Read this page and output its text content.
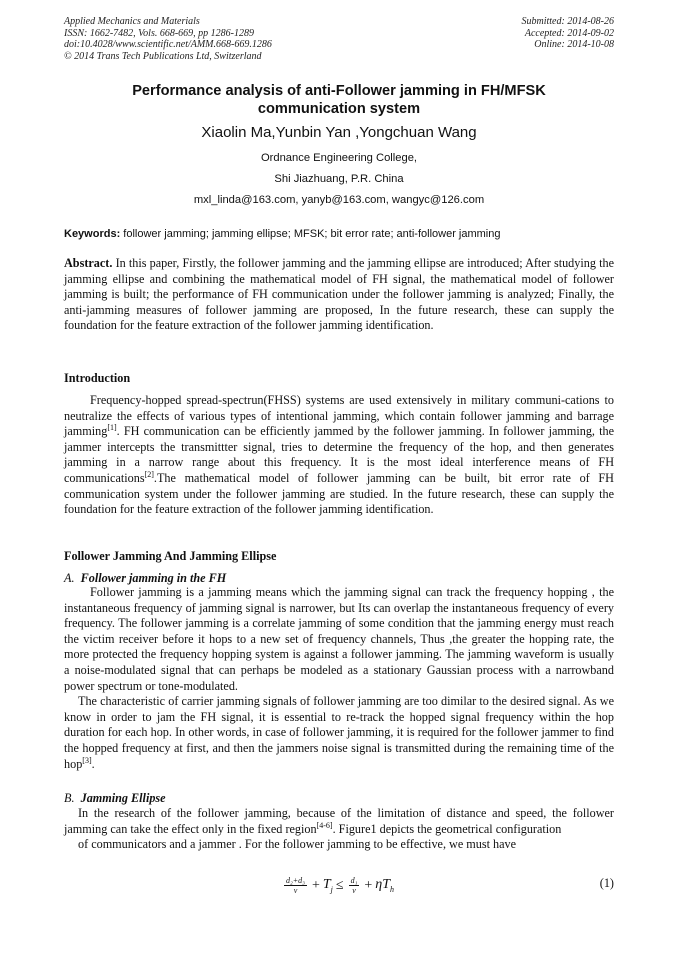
Applied Mechanics and Materials
ISSN: 1662-7482, Vols. 668-669, pp 1286-1289
doi:10.4028/www.scientific.net/AMM.668-669.1286
© 2014 Trans Tech Publications Ltd, Switzerland
Submitted: 2014-08-26
Accepted: 2014-09-02
Online: 2014-10-08
Performance analysis of anti-Follower jamming in FH/MFSK
communication system
Xiaolin Ma,Yunbin Yan ,Yongchuan Wang
Ordnance Engineering College,
Shi Jiazhuang, P.R. China
mxl_linda@163.com, yanyb@163.com, wangyc@126.com
Keywords: follower jamming; jamming ellipse; MFSK; bit error rate; anti-follower jamming

Abstract. In this paper, Firstly, the follower jamming and the jamming ellipse are introduced; After studying the jamming ellipse and combining the mathematical model of FH signal, the mathematical model of follower jamming is built; the performance of FH communication under the follower jamming is analyzed; Finally, the anti-jamming measures of follower jamming are proposed, In the future research, these can supply the foundation for the feature extraction of the follower jamming identification.

Introduction

Frequency-hopped spread-spectrun(FHSS) systems are used extensively in military communi-cations to neutralize the effects of various types of intentional jamming, which contain follower jamming and barrage jamming[1]. FH communication can be efficiently jammed by the follower jamming. In follower jamming, the jammer intercepts the transmittter signal, tries to determine the frequency of the hop, and then generates jamming in a narrow range about this frequency. It is the most ideal interference means of FH communications[2].The mathematical model of follower jamming can be built, bit error rate of FH communication system under the follower jamming are studied. In the future research, these can supply the foundation for the feature extraction of the follower jamming identification.

Follower Jamming And Jamming Ellipse
A. Follower jamming in the FH

Follower jamming is a jamming means which the jamming signal can track the frequency hopping , the instantaneous frequency of jamming signal is narrower, but Its can overlap the instantaneous frequency of every frequency. The follower jamming is a correlate jamming of some condition that the jamming energy must reach the victim receiver before it hops to a new set of frequency channels, Thus ,the greater the hopping rate, the more protected the frequency hopping system is against a follower jamming. The jamming waveform is usually a noise-modulated signal that can perhaps be modeled as a stationary Gaussian process with a narrowband power spectrum or tone-modulated.

The characteristic of carrier jamming signals of follower jamming are too dimilar to the desired signal. As we know in order to jam the FH signal, it is essential to re-track the hopped signal frequency within the hop duration for each hop. In other words, in case of follower jamming, it is required for the follower jammer to find the hopped frequency at first, and then the jammers noise signal is transmitted during the remaining time of the hop[3].

B. Jamming Ellipse

In the research of the follower jamming, because of the limitation of distance and speed, the follower jamming can take the effect only in the fixed region[4-6]. Figure1 depicts the geometrical configuration

of communicators and a jammer . For the follower jamming to be effective, we must have

$\frac{\text{d₂+d₃}}{v} + T_j \le \frac{\text{d₁}}{v} + \eta T_h$	(1)
